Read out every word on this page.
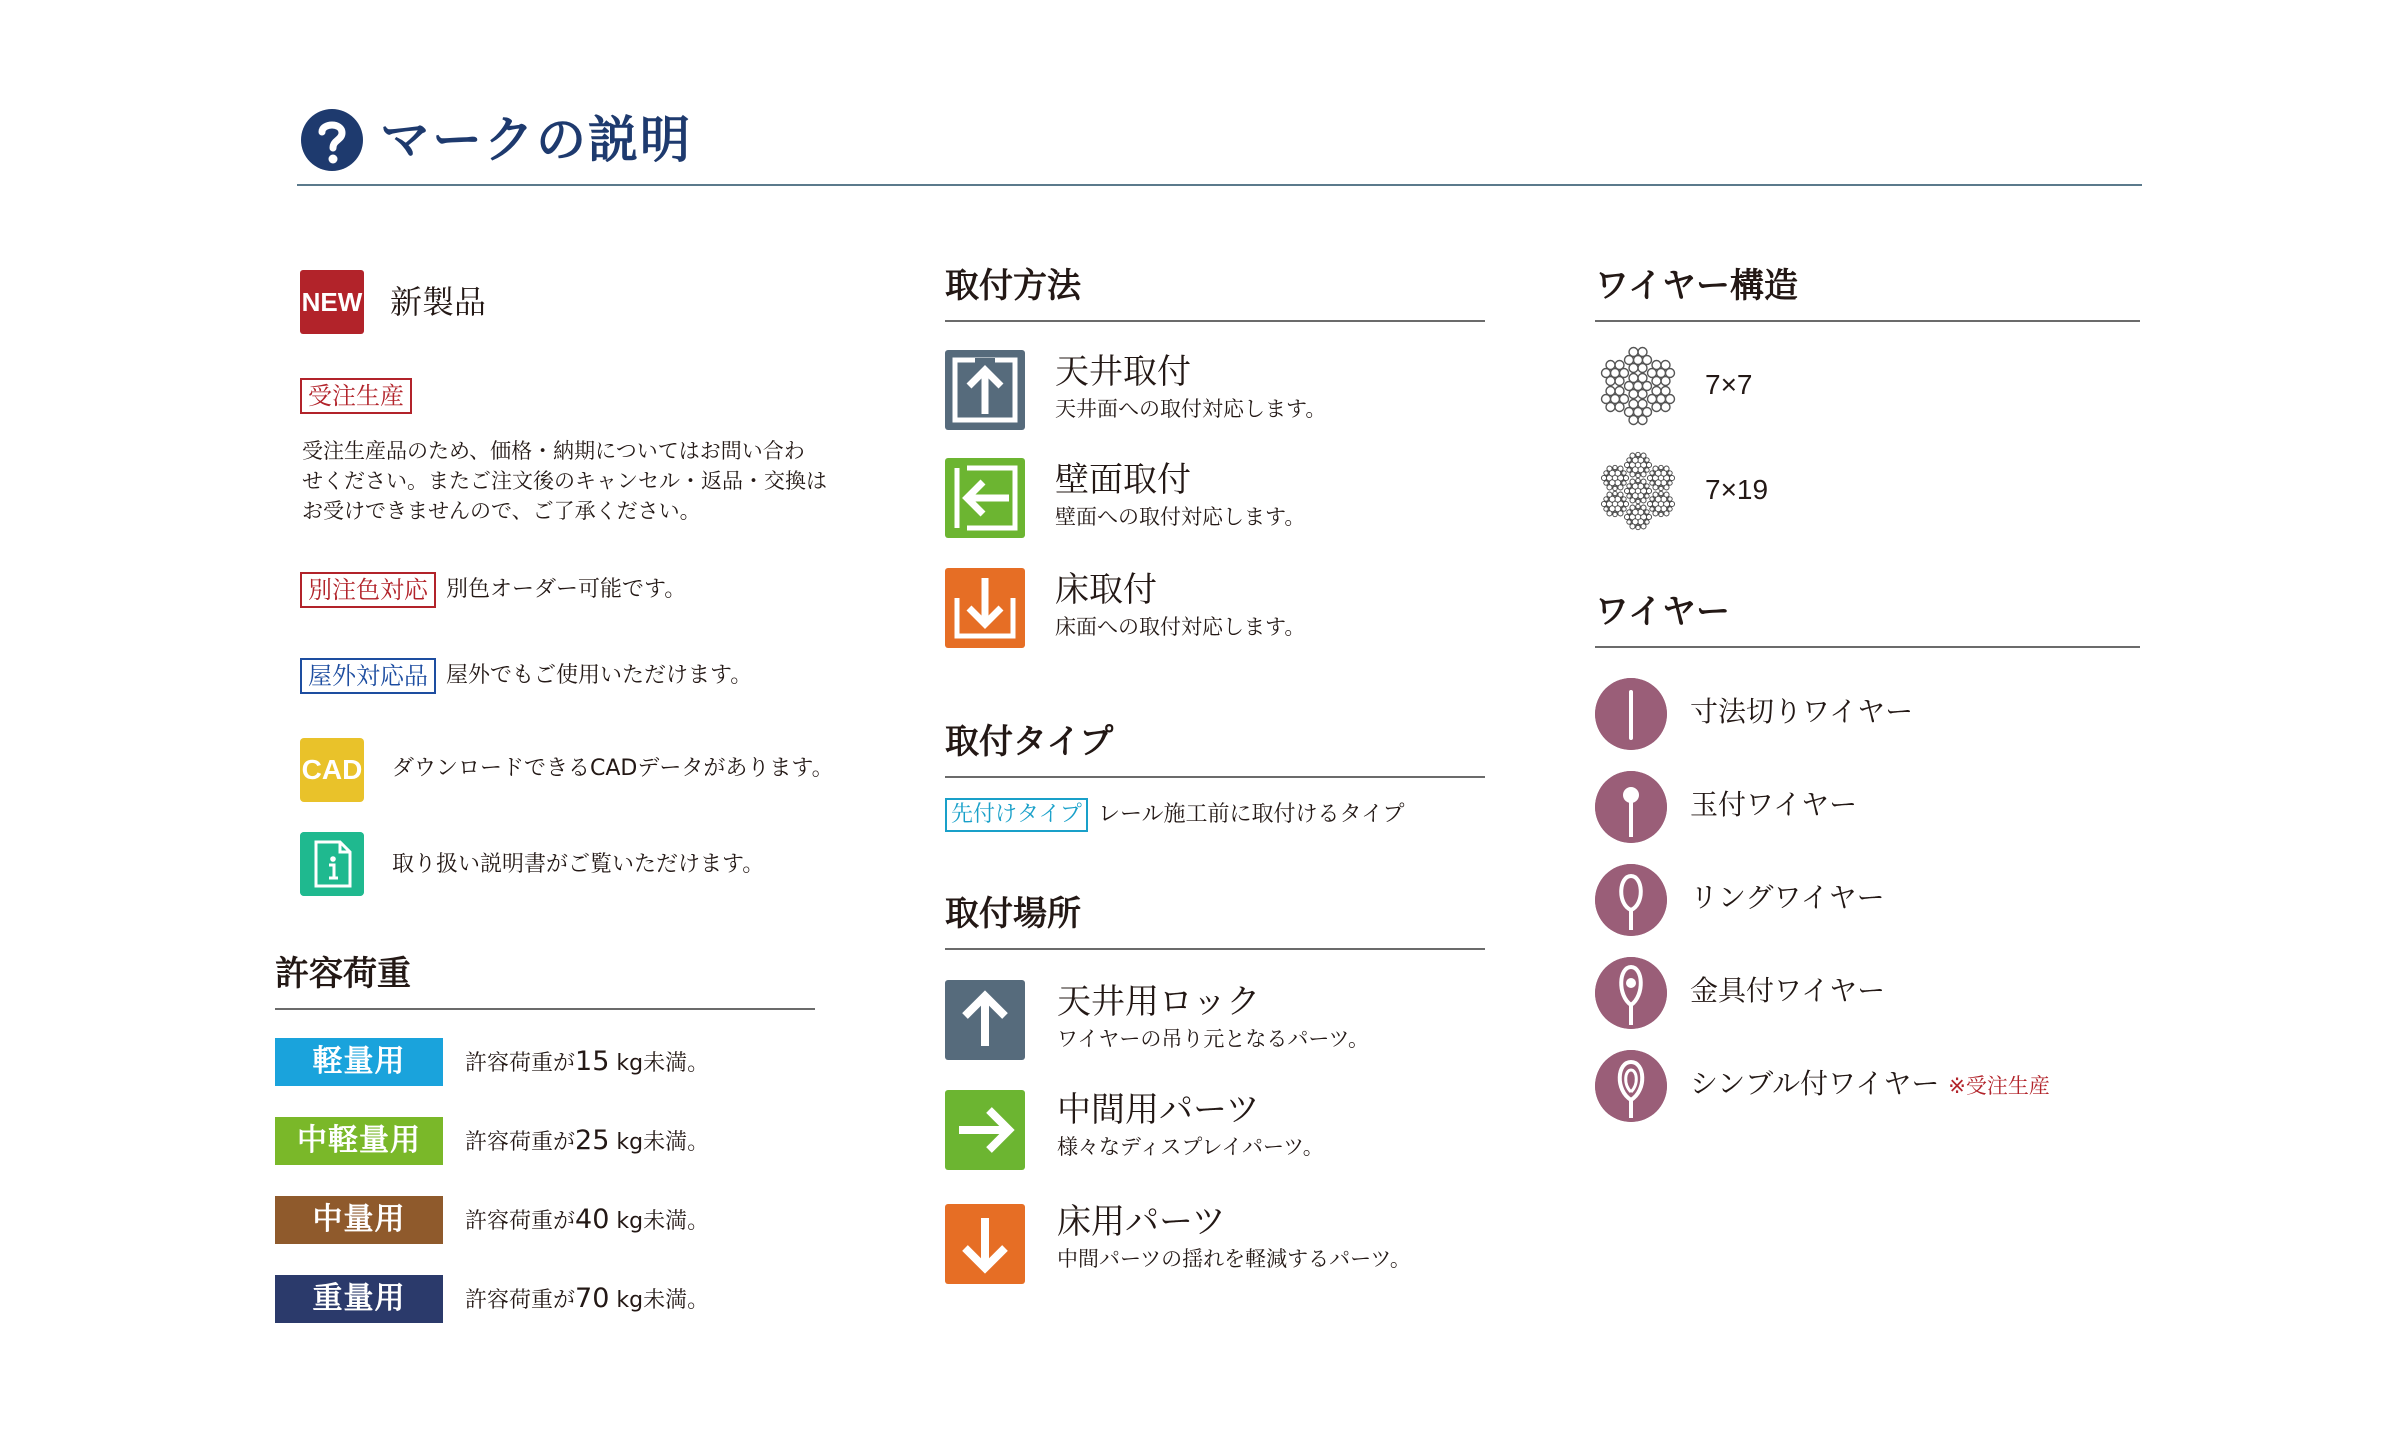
マークの説明
NEW 新製品
受注生産
受注生産品のため、価格・納期についてはお問い合わ
せください。またご注文後のキャンセル・返品・交換は
お受けできませんので、ご了承ください。
別注色対応 別色オーダー可能です。
屋外対応品 屋外でもご使用いただけます。
CAD ダウンロードできるCADデータがあります。
取り扱い説明書がご覧いただけます。
許容荷重
軽量用	許容荷重が15 kg未満。
中軽量用	許容荷重が25 kg未満。
中量用	許容荷重が40 kg未満。
重量用	許容荷重が70 kg未満。
取付方法
天井取付
天井面への取付対応します。
壁面取付
壁面への取付対応します。
床取付
床面への取付対応します。
取付タイプ
先付けタイプ レール施工前に取付けるタイプ
取付場所
天井用ロック
ワイヤーの吊り元となるパーツ。
中間用パーツ
様々なディスプレイパーツ。
床用パーツ
中間パーツの揺れを軽減するパーツ。
ワイヤー構造
7×7
7×19
ワイヤー
寸法切りワイヤー
玉付ワイヤー
リングワイヤー
金具付ワイヤー
シンブル付ワイヤー ※受注生産
